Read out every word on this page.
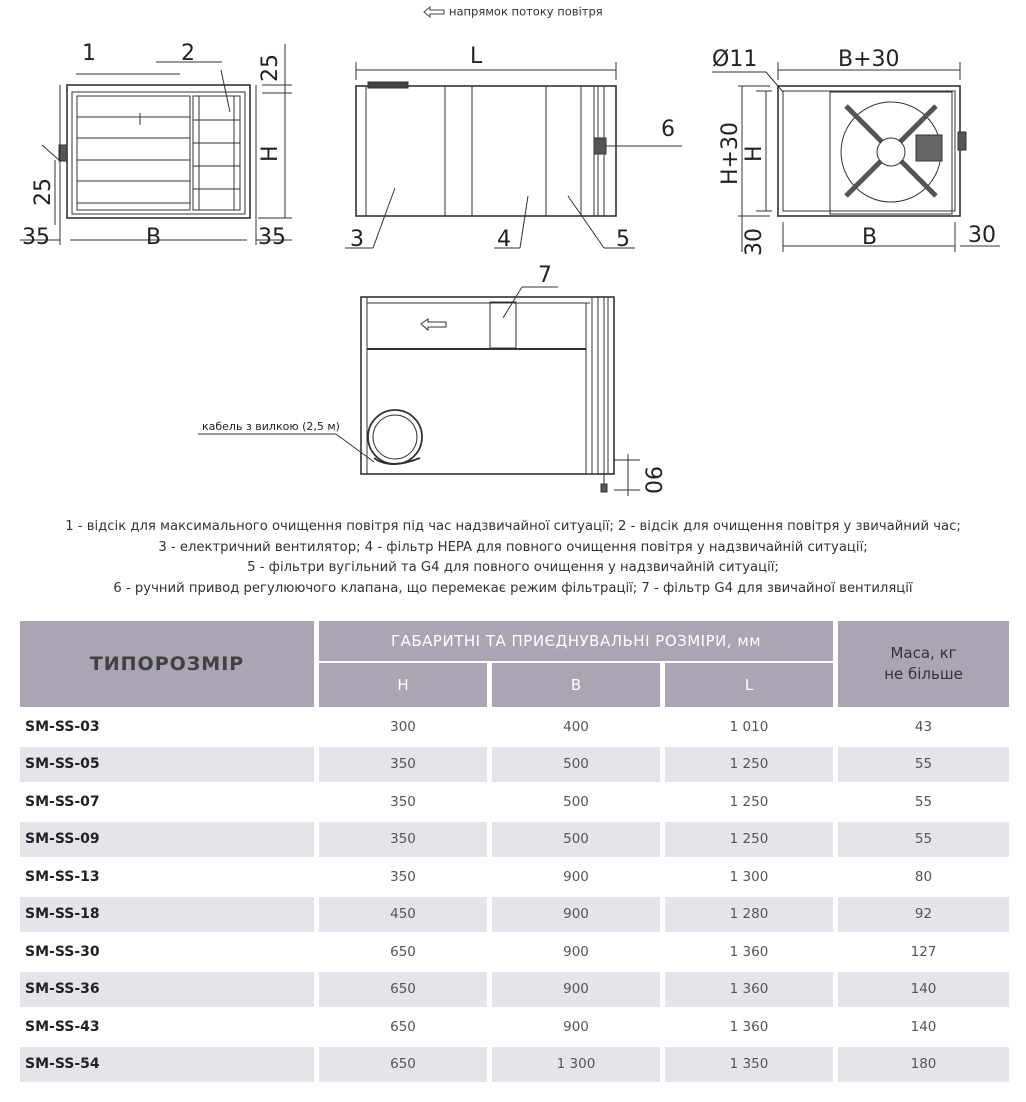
напрямок потоку повітря
1	2
B
35	35
25
H
25
L
3	4	5
6
Ø11	B+30
H+30 H
B	30
30
7
06
кабель з вилкою (2,5 м)
1 - відсік для максимального очищення повітря під час надзвичайної ситуації; 2 - відсік для очищення повітря у звичайний час;
3 - електричний вентилятор; 4 - фільтр HEPA для повного очищення повітря у надзвичайній ситуації;
5 - фільтри вугільний та G4 для повного очищення у надзвичайній ситуації;
6 - ручний привод регулюючого клапана, що перемекає режим фільтрації; 7 - фільтр G4 для звичайної вентиляції
ТИПОРОЗМІР	ГАБАРИТНІ ТА ПРИЄДНУВАЛЬНІ РОЗМІРИ, мм			Маса, кг
не більше
	H	B	L	
SM-SS-03	300	400	1 010	43
SM-SS-05	350	500	1 250	55
SM-SS-07	350	500	1 250	55
SM-SS-09	350	500	1 250	55
SM-SS-13	350	900	1 300	80
SM-SS-18	450	900	1 280	92
SM-SS-30	650	900	1 360	127
SM-SS-36	650	900	1 360	140
SM-SS-43	650	900	1 360	140
SM-SS-54	650	1 300	1 350	180
